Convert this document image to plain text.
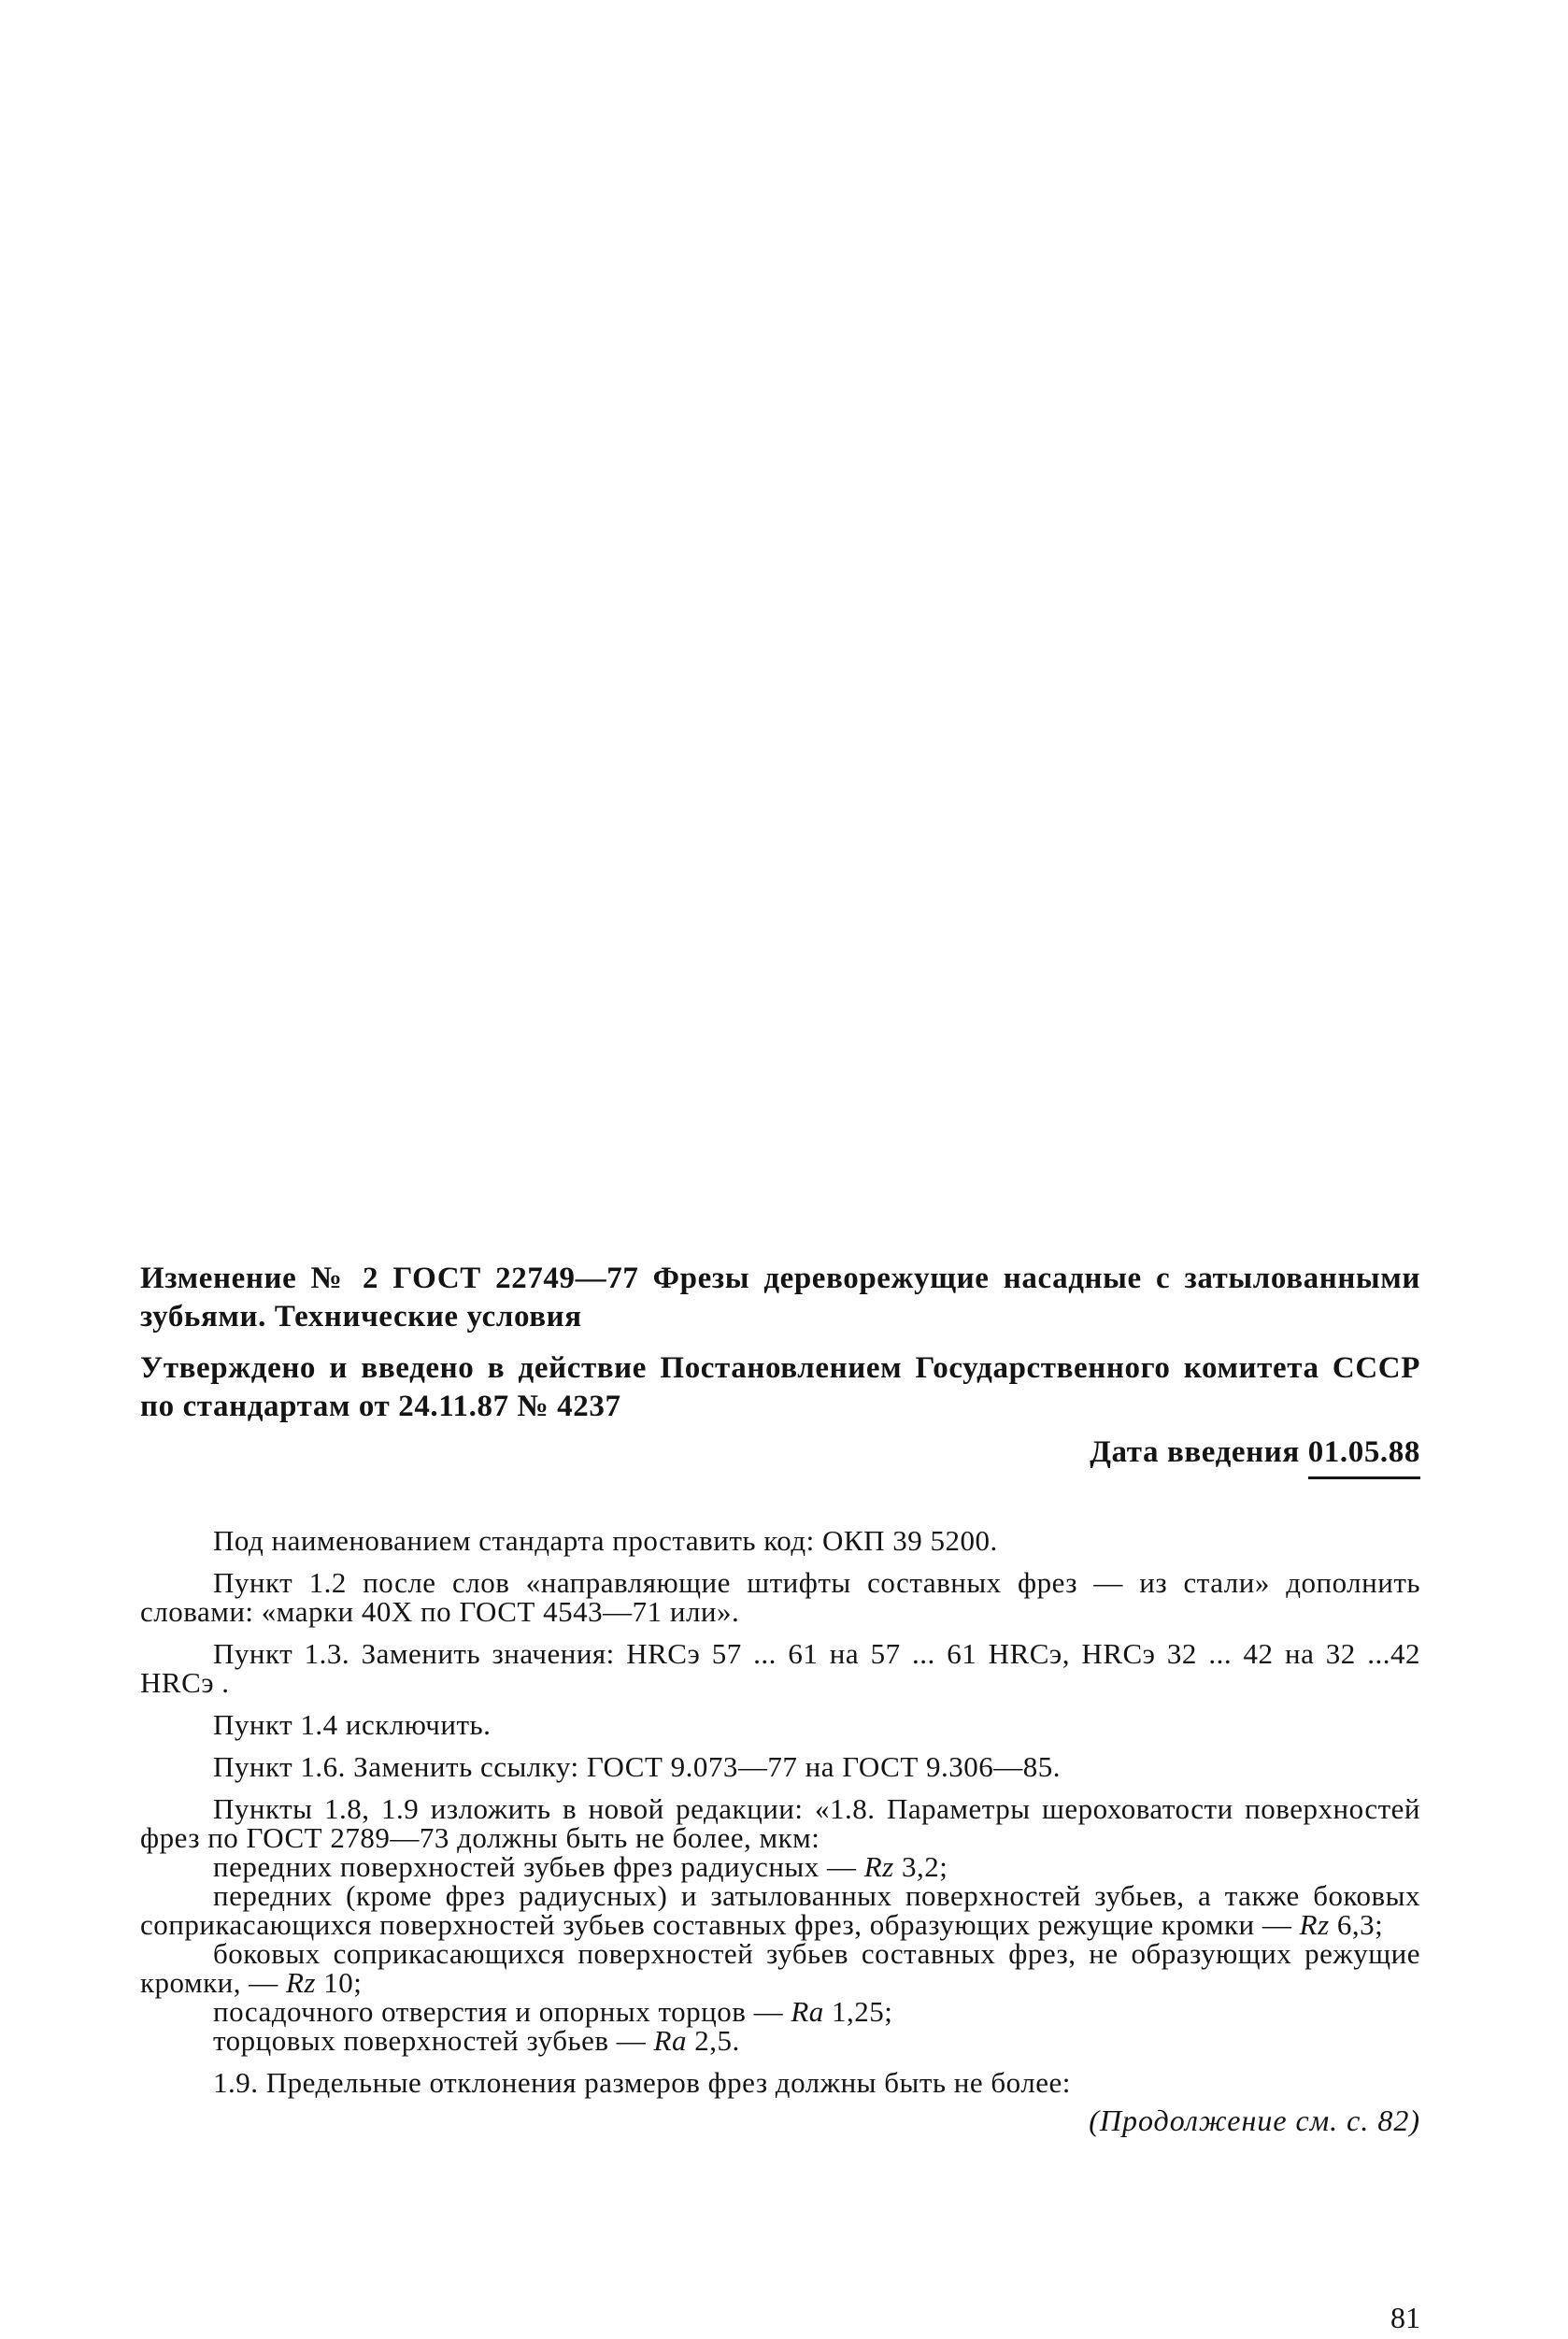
Изменение № 2 ГОСТ 22749—77 Фрезы дереворежущие насадные с затылованными зубьями. Технические условия

Утверждено и введено в действие Постановлением Государственного комитета СССР по стандартам от 24.11.87 № 4237

Дата введения 01.05.88

Под наименованием стандарта проставить код: ОКП 39 5200.

Пункт 1.2 после слов «направляющие штифты составных фрез — из стали» дополнить словами: «марки 40Х по ГОСТ 4543—71 или».

Пункт 1.3. Заменить значения: HRCэ 57 ... 61 на 57 ... 61 HRCэ, HRCэ 32 ... 42 на 32 ...42 HRCэ .

Пункт 1.4 исключить.

Пункт 1.6. Заменить ссылку: ГОСТ 9.073—77 на ГОСТ 9.306—85.

Пункты 1.8, 1.9 изложить в новой редакции: «1.8. Параметры шероховатости поверхностей фрез по ГОСТ 2789—73 должны быть не более, мкм:

передних поверхностей зубьев фрез радиусных — Rz 3,2;

передних (кроме фрез радиусных) и затылованных поверхностей зубьев, а также боковых соприкасающихся поверхностей зубьев составных фрез, образующих режущие кромки — Rz 6,3;

боковых соприкасающихся поверхностей зубьев составных фрез, не образующих режущие кромки, — Rz 10;

посадочного отверстия и опорных торцов — Ra 1,25;

торцовых поверхностей зубьев — Ra 2,5.

1.9. Предельные отклонения размеров фрез должны быть не более:

(Продолжение см. с. 82)
81
